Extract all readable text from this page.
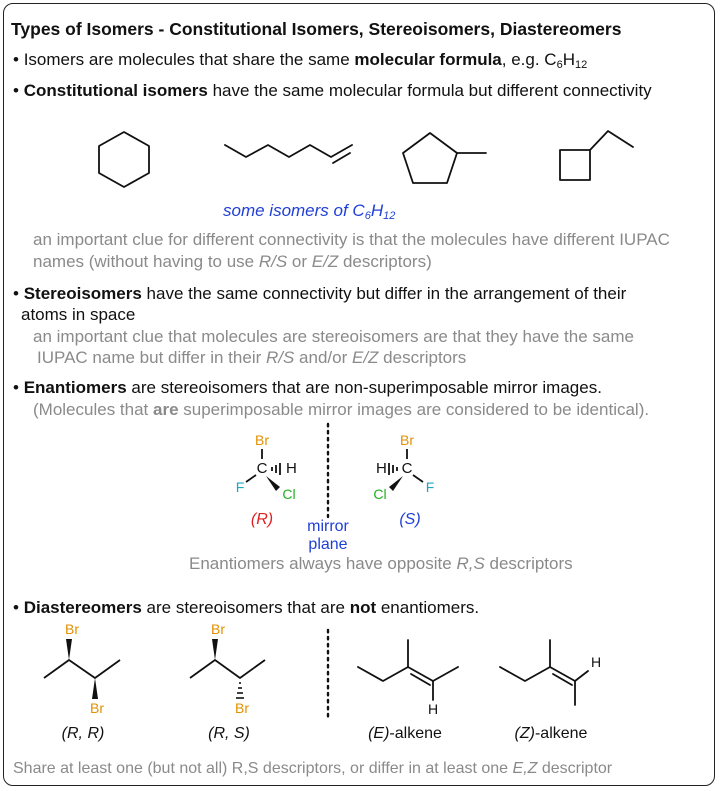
Types of Isomers - Constitutional Isomers, Stereoisomers, Diastereomers
• Isomers are molecules that share the same molecular formula, e.g. $C_6H_{12}$
• Constitutional isomers have the same molecular formula but different connectivity
some isomers of $C_6H_{12}$
an important clue for different connectivity is that the molecules have different IUPAC
names (without having to use R/S or E/Z descriptors)
• Stereoisomers have the same connectivity but differ in the arrangement of their
atoms in space
an important clue that molecules are stereoisomers are that they have the same
IUPAC name but differ in their R/S and/or E/Z descriptors
• Enantiomers are stereoisomers that are non-superimposable mirror images.
(Molecules that are superimposable mirror images are considered to be identical).
Enantiomers always have opposite R,S descriptors
• Diastereomers are stereoisomers that are not enantiomers.
Share at least one (but not all) R,S descriptors, or differ in at least one E,Z descriptor
mirror
plane
Br
C H
F	Cl
(R)
Br
C
H
F
Cl
(S)
Br
Br
(R, R)
Br
Br
(R, S)
H
(E)-alkene
H
(Z)-alkene
